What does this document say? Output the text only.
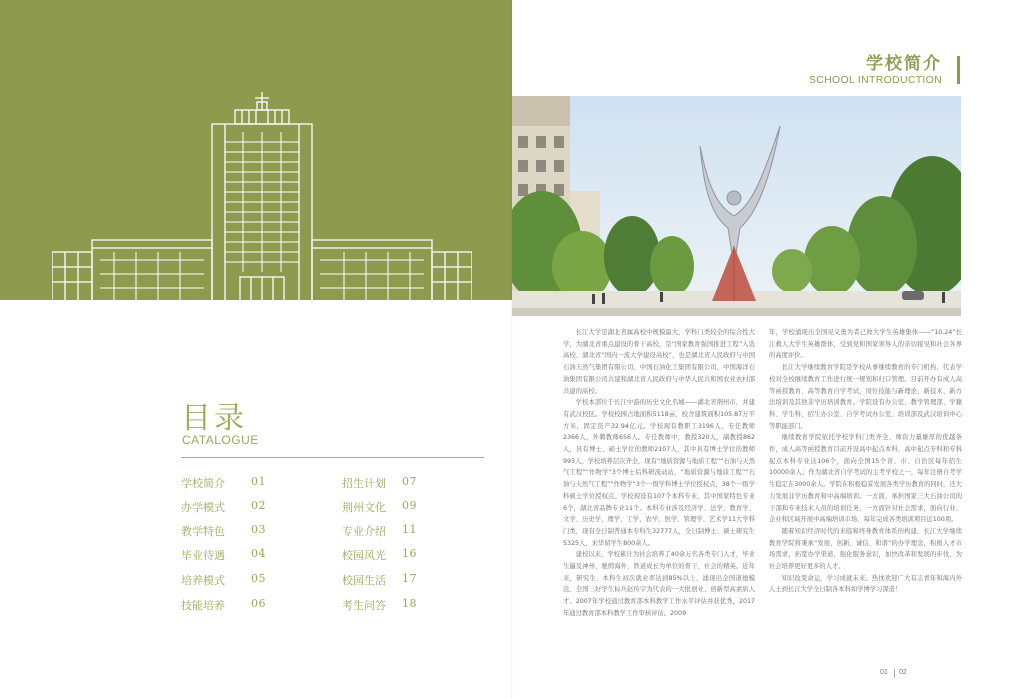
目录
CATALOGUE
学校简介 01
办学模式 02
教学特色 03
毕业待遇 04
培养模式 05
技能培养 06
招生计划 07
荆州文化 09
专业介绍 11
校园风光 16
校园生活 17
考生问答 18
学校简介
SCHOOL INTRODUCTION

长江大学是湖北省属高校中规模最大、学科门类较全的综合性大学，为湖北省重点建设的骨干高校，是“国家教育强国推进工程”入选高校、湖北省“国内一流大学建设高校”，也是湖北省人民政府与中国石油天然气集团有限公司、中国石油化工集团有限公司、中国海洋石油集团有限公司共建和湖北省人民政府与中华人民共和国农业农村部共建的高校。

学校本部位于长江中游的历史文化名城——湖北省荆州市，并建有武汉校区。学校校园占地面积5118亩，校舍建筑面积105.87万平方米，固定资产32.94亿元。学校现有教职工3196人，专任教师2366人，外聘教师656人。专任教师中，教授320人，副教授862人，具有博士、硕士学位的教师2107人，其中具有博士学位的教师993人。学校培养层次齐全，现有“地质资源与地质工程”“石油与天然气工程”“作物学”3个博士后科研流动站，“地质资源与地质工程”“石油与天然气工程”“作物学”3个一级学科博士学位授权点，38个一级学科硕士学位授权点。学校现设有107个本科专业，其中国家特色专业6个，湖北省品牌专业11个。本科专业涉及经济学、法学、教育学、文学、历史学、理学、工学、农学、医学、管理学、艺术学11大学科门类，现有全日制普通本专科生32777人，全日制博士、硕士研究生5325人，来华留学生800余人。

建校以来，学校累计为社会培养了40余万名各类专门人才，毕业生遍及神州、驰骋海外，铁道成长为单位的骨干、社会的精英。近年来，研究生、本科生初次就业率达到85%以上，涌现出全国道德模范、全国三好学生标兵赵传宇为代表的一大批创业、创新型高素质人才。2007年学校通过教育部本科教学工作水平评估并获优秀，2017年通过教育部本科教学工作审核评估。2009

年，学校涌现出全国见义勇为者已故大学生英雄集体——“10.24”长江救人大学生英雄群体，受到党和国家领导人的亲切接见和社会各界的高度评价。

长江大学继续教育学院是学校从事继续教育的专门机构，代表学校对全校继续教育工作进行统一规划和归口管理。目前开办有成人高等函授教育、高等教育自学考试、岗位技能与新理论、新技术、新方法培训及其他非学历培训教育。学院设有办公室、教学管理部、学籍科、学生科、招生办公室、自学考试办公室、培训部及武汉培训中心等职能部门。

继续教育学院依托学校学科门类齐全、师资力量雄厚的优越条件，成人高等函授教育目前开设高中起点本科、高中起点专科和专科起点本科专业达106个，面向全国15个省、市、自治区每年招生10000余人；作为湖北省自学考试的主考学校之一，每年注册自考学生稳定在3000余人。学院在积极稳妥发展各类学历教育的同时，还大力发展非学历教育和中高端培训。一方面，承担国家三大石油公司的干部和专业技术人员的培训任务，一方面针对社会需求，面向行业、企业和区域开展中高端培训市场，每年完成各类培训项目近100项。

随着知识经济时代的来临和终身教育体系的构建，长江大学继续教育学院将秉承“发展、创新、诚信、和谐”的办学理念，积极人才市场需求，拓宽办学渠道，强化服务意识，加快改革和发展的步伐，为社会培养更好更多的人才。

知识改变命运，学习成就未来。热忱欢迎广大有志青年和海内外人士到长江大学全日制各本科如学博学习深造！

01 02
